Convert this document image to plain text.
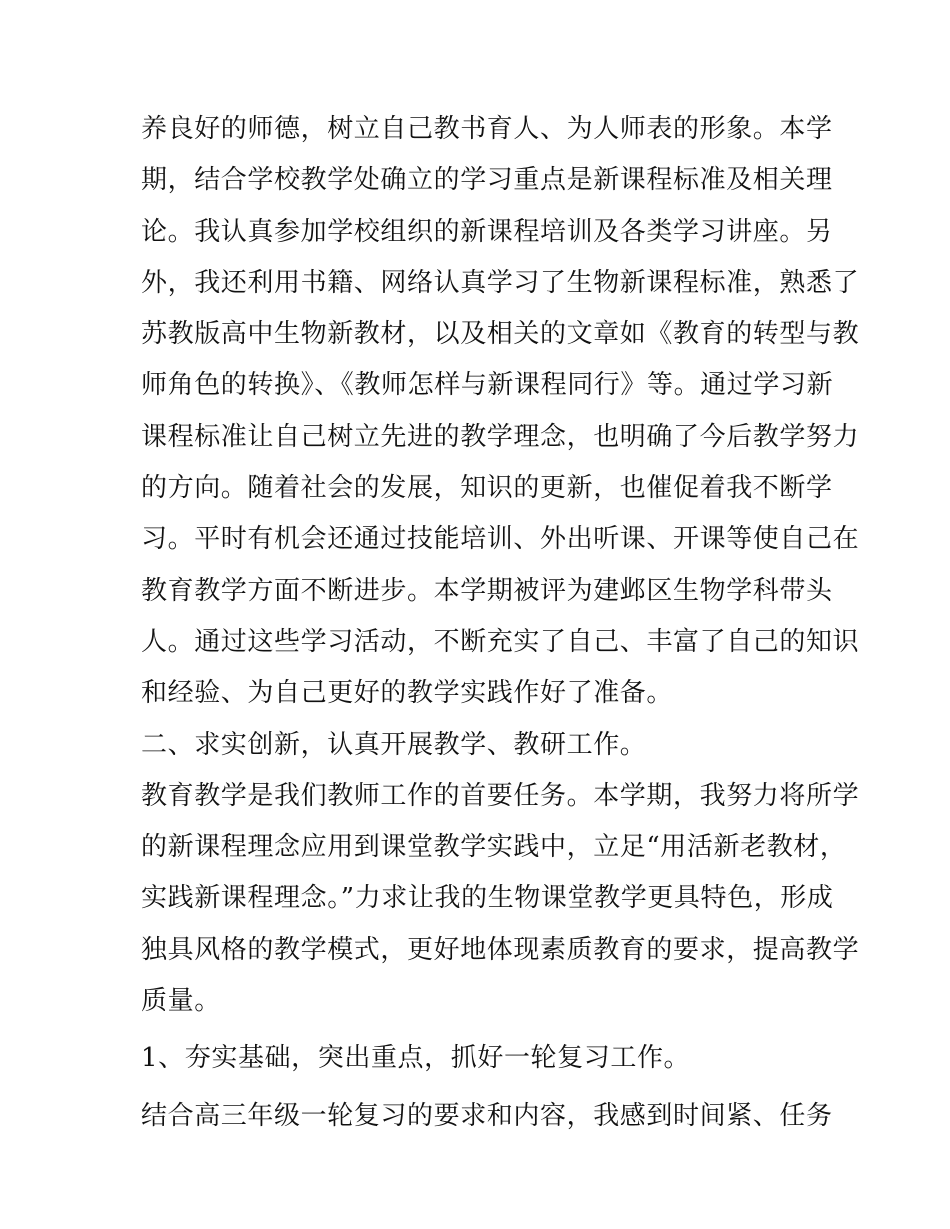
养良好的师德，树立自己教书育人、为人师表的形象。本学
期，结合学校教学处确立的学习重点是新课程标准及相关理
论。我认真参加学校组织的新课程培训及各类学习讲座。另
外，我还利用书籍、网络认真学习了生物新课程标准，熟悉了
苏教版高中生物新教材，以及相关的文章如《教育的转型与教
师角色的转换》、《教师怎样与新课程同行》等。通过学习新
课程标准让自己树立先进的教学理念，也明确了今后教学努力
的方向。随着社会的发展，知识的更新，也催促着我不断学
习。平时有机会还通过技能培训、外出听课、开课等使自己在
教育教学方面不断进步。本学期被评为建邺区生物学科带头
人。通过这些学习活动，不断充实了自己、丰富了自己的知识
和经验、为自己更好的教学实践作好了准备。
二、求实创新，认真开展教学、教研工作。
教育教学是我们教师工作的首要任务。本学期，我努力将所学
的新课程理念应用到课堂教学实践中，立足“用活新老教材，
实践新课程理念。”力求让我的生物课堂教学更具特色，形成
独具风格的教学模式，更好地体现素质教育的要求，提高教学
质量。
1、夯实基础，突出重点，抓好一轮复习工作。
结合高三年级一轮复习的要求和内容，我感到时间紧、任务
